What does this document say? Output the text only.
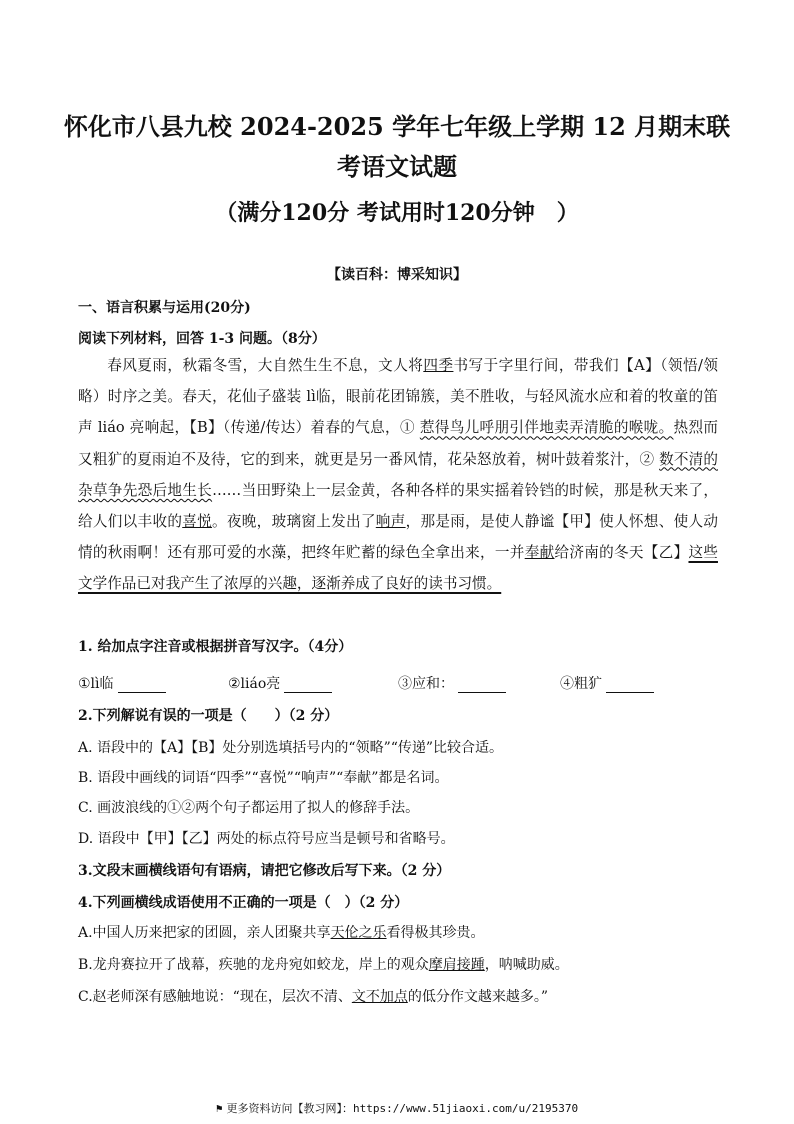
怀化市八县九校 2024-2025 学年七年级上学期 12 月期末联
考语文试题
（满分120分 考试用时120分钟　）
【读百科：博采知识】
一、语言积累与运用(20分)
阅读下列材料，回答 1-3 问题。（8分）
春风夏雨，秋霜冬雪，大自然生生不息，文人将四季书写于字里行间，带我们【A】（领悟/领略）时序之美。春天，花仙子盛装 lì临，眼前花团锦簇，美不胜收，与轻风流水应和着的牧童的笛声 liáo 亮响起，【B】（传递/传达）着春的气息，① 惹得鸟儿呼朋引伴地卖弄清脆的喉咙。热烈而又粗犷的夏雨迫不及待，它的到来，就更是另一番风情，花朵怒放着，树叶鼓着浆汁，② 数不清的杂草争先恐后地生长……当田野染上一层金黄，各种各样的果实摇着铃铛的时候，那是秋天来了，给人们以丰收的喜悦。夜晚，玻璃窗上发出了响声，那是雨，是使人静谧【甲】使人怀想、使人动情的秋雨啊！还有那可爱的水藻，把终年贮蓄的绿色全拿出来，一并奉献给济南的冬天【乙】这些文学作品已对我产生了浓厚的兴趣，逐渐养成了良好的读书习惯。
1. 给加点字注音或根据拼音写汉字。（4分）
①lì临	②liáo亮	③应和：	④粗犷
2.下列解说有误的一项是（　　）（2 分）
A. 语段中的【A】【B】处分别选填括号内的“领略”“传递”比较合适。
B. 语段中画线的词语“四季”“喜悦”“响声”“奉献”都是名词。
C. 画波浪线的①②两个句子都运用了拟人的修辞手法。
D. 语段中【甲】【乙】两处的标点符号应当是顿号和省略号。
3.文段末画横线语句有语病，请把它修改后写下来。（2 分）
4.下列画横线成语使用不正确的一项是（　）（2 分）
A.中国人历来把家的团圆，亲人团聚共享天伦之乐看得极其珍贵。
B.龙舟赛拉开了战幕，疾驰的龙舟宛如蛟龙，岸上的观众摩肩接踵，呐喊助威。
C.赵老师深有感触地说：“现在，层次不清、文不加点的低分作文越来越多。”
⚑ 更多资料访问【教习网】：https://www.51jiaoxi.com/u/2195370
